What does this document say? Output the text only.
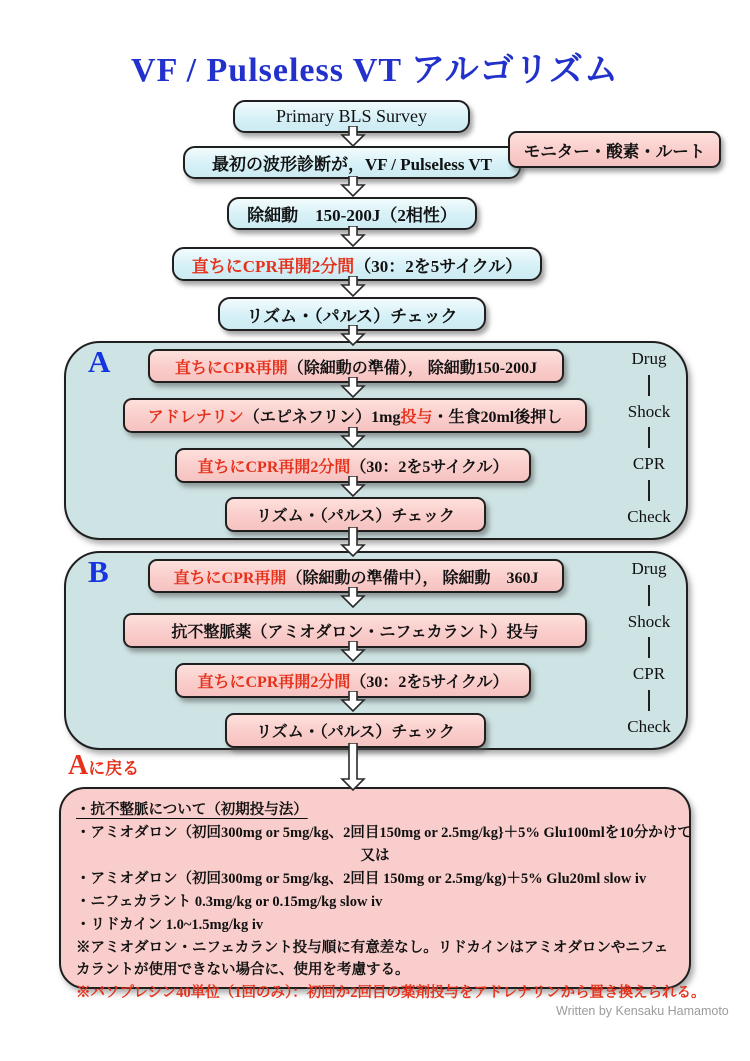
VF / Pulseless VT アルゴリズム
Primary BLS Survey
モニター・酸素・ルート
最初の波形診断が，VF / Pulseless VT
除細動　150-200J（2相性）
直ちにCPR再開2分間 （30：2を5サイクル）
リズム・（パルス）チェック
A	直ちにCPR再開 （除細動の準備）， 除細動150-200J
アドレナリン （エピネフリン）1mg 投与 ・生食20ml後押し
直ちにCPR再開2分間 （30：2を5サイクル）
リズム・（パルス）チェック
Drug
Shock
CPR
Check
B	直ちにCPR再開 （除細動の準備中）， 除細動　360J
抗不整脈薬（アミオダロン・ニフェカラント）投与
直ちにCPR再開2分間 （30：2を5サイクル）
リズム・（パルス）チェック
Drug
Shock
CPR
Check
Aに戻る
・抗不整脈について（初期投与法）
・アミオダロン（初回300mg or 5mg/kg、2回目150mg or 2.5mg/kg}＋5% Glu100mlを10分かけて
又は
・アミオダロン（初回300mg or 5mg/kg、2回目 150mg or 2.5mg/kg)＋5% Glu20ml slow iv
・ニフェカラント 0.3mg/kg or 0.15mg/kg slow iv
・リドカイン 1.0~1.5mg/kg iv
※アミオダロン・ニフェカラント投与順に有意差なし。リドカインはアミオダロンやニフェカラントが使用できない場合に、使用を考慮する。
※バソプレシン40単位（1回のみ）：初回か2回目の薬剤投与をアドレナリンから置き換えられる。
Written by Kensaku Hamamoto
